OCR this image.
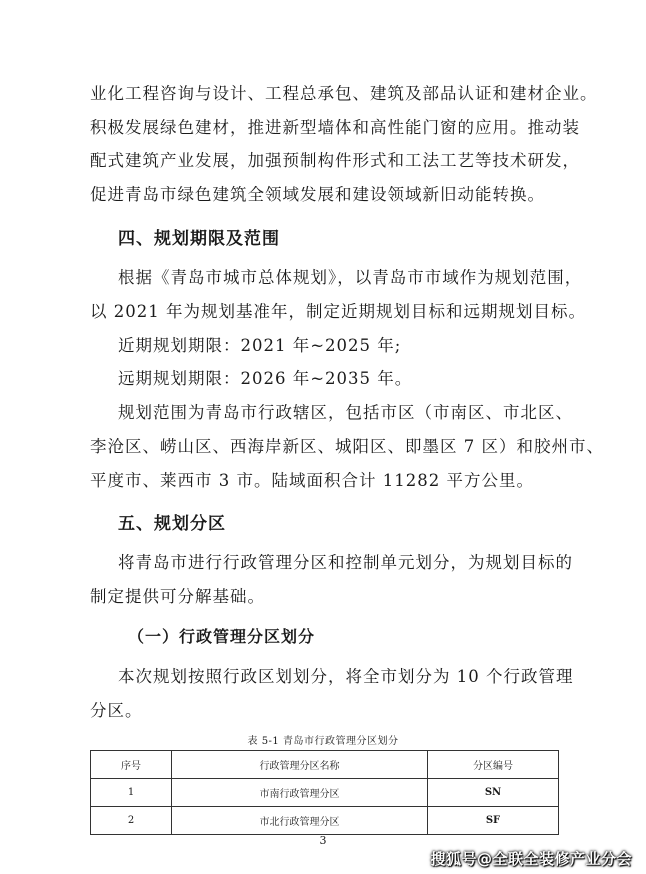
业化工程咨询与设计、工程总承包、建筑及部品认证和建材企业。

积极发展绿色建材，推进新型墙体和高性能门窗的应用。推动装

配式建筑产业发展，加强预制构件形式和工法工艺等技术研发，

促进青岛市绿色建筑全领域发展和建设领域新旧动能转换。

四、规划期限及范围

根据《青岛市城市总体规划》，以青岛市市域作为规划范围，

以 2021 年为规划基准年，制定近期规划目标和远期规划目标。

近期规划期限：2021 年~2025 年;

远期规划期限：2026 年~2035 年。

规划范围为青岛市行政辖区，包括市区（市南区、市北区、

李沧区、崂山区、西海岸新区、城阳区、即墨区 7 区）和胶州市、

平度市、莱西市 3 市。陆域面积合计 11282 平方公里。

五、规划分区

将青岛市进行行政管理分区和控制单元划分，为规划目标的

制定提供可分解基础。

（一）行政管理分区划分

本次规划按照行政区划划分，将全市划分为 10 个行政管理

分区。

表 5-1 青岛市行政管理分区划分
序号	行政管理分区名称	分区编号
1	市南行政管理分区	SN
2	市北行政管理分区	SF
3
搜狐号@全联全装修产业分会
